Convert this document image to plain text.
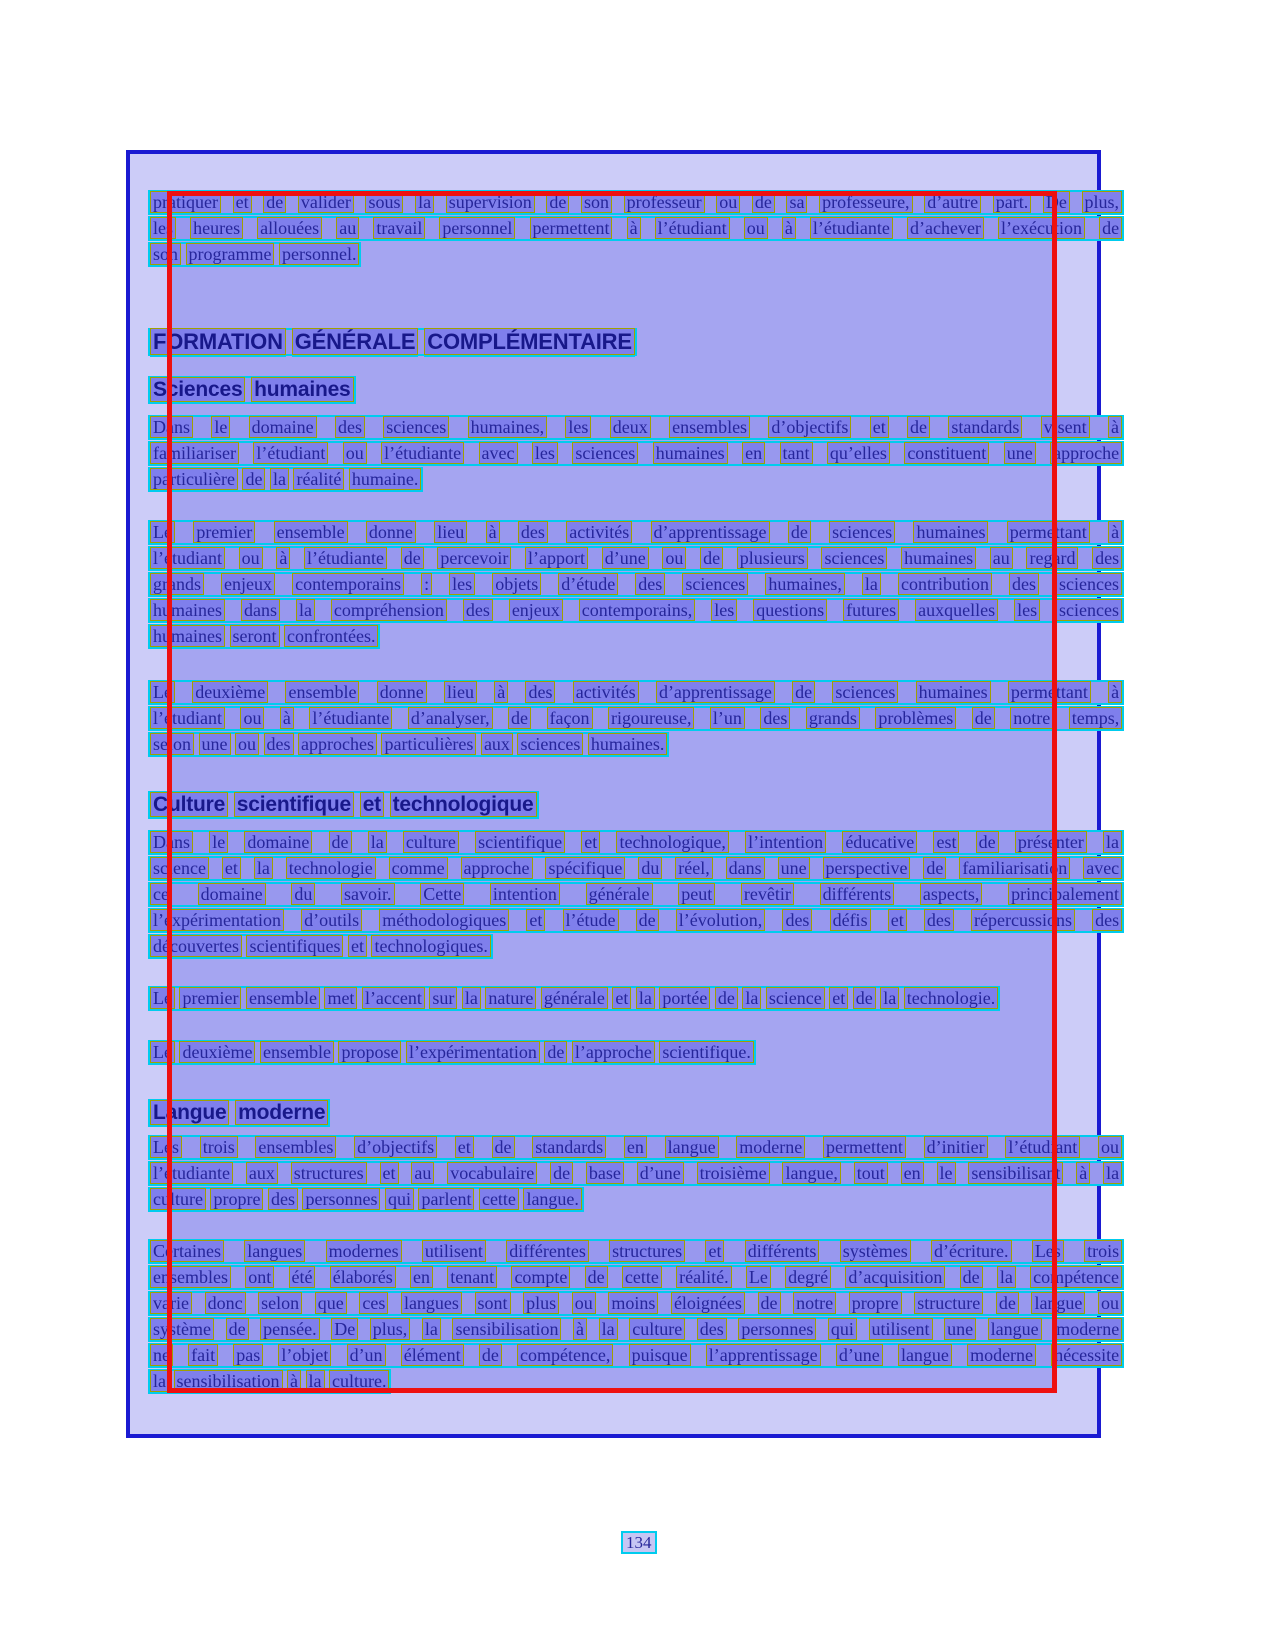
pratiquer et de valider sous la supervision de son professeur ou de sa professeure, d’autre part. De plus,
les heures allouées au travail personnel permettent à l’étudiant ou à l’étudiante d’achever l’exécution de
son programme personnel.
FORMATION GÉNÉRALE COMPLÉMENTAIRE
Sciences humaines
Dans le domaine des sciences humaines, les deux ensembles d’objectifs et de standards visent à
familiariser l’étudiant ou l’étudiante avec les sciences humaines en tant qu’elles constituent une approche
particulière de la réalité humaine.
Le premier ensemble donne lieu à des activités d’apprentissage de sciences humaines permettant à
l’étudiant ou à l’étudiante de percevoir l’apport d’une ou de plusieurs sciences humaines au regard des
grands enjeux contemporains : les objets d’étude des sciences humaines, la contribution des sciences
humaines dans la compréhension des enjeux contemporains, les questions futures auxquelles les sciences
humaines seront confrontées.
Le deuxième ensemble donne lieu à des activités d’apprentissage de sciences humaines permettant à
l’étudiant ou à l’étudiante d’analyser, de façon rigoureuse, l’un des grands problèmes de notre temps,
selon une ou des approches particulières aux sciences humaines.
Culture scientifique et technologique
Dans le domaine de la culture scientifique et technologique, l’intention éducative est de présenter la
science et la technologie comme approche spécifique du réel, dans une perspective de familiarisation avec
ce domaine du savoir. Cette intention générale peut revêtir différents aspects, principalement
l’expérimentation d’outils méthodologiques et l’étude de l’évolution, des défis et des répercussions des
découvertes scientifiques et technologiques.
Le premier ensemble met l’accent sur la nature générale et la portée de la science et de la technologie.
Le deuxième ensemble propose l’expérimentation de l’approche scientifique.
Langue moderne
Les trois ensembles d’objectifs et de standards en langue moderne permettent d’initier l’étudiant ou
l’étudiante aux structures et au vocabulaire de base d’une troisième langue, tout en le sensibilisant à la
culture propre des personnes qui parlent cette langue.
Certaines langues modernes utilisent différentes structures et différents systèmes d’écriture. Les trois
ensembles ont été élaborés en tenant compte de cette réalité. Le degré d’acquisition de la compétence
varie donc selon que ces langues sont plus ou moins éloignées de notre propre structure de langue ou
système de pensée. De plus, la sensibilisation à la culture des personnes qui utilisent une langue moderne
ne fait pas l’objet d’un élément de compétence, puisque l’apprentissage d’une langue moderne nécessite
la sensibilisation à la culture.
134
